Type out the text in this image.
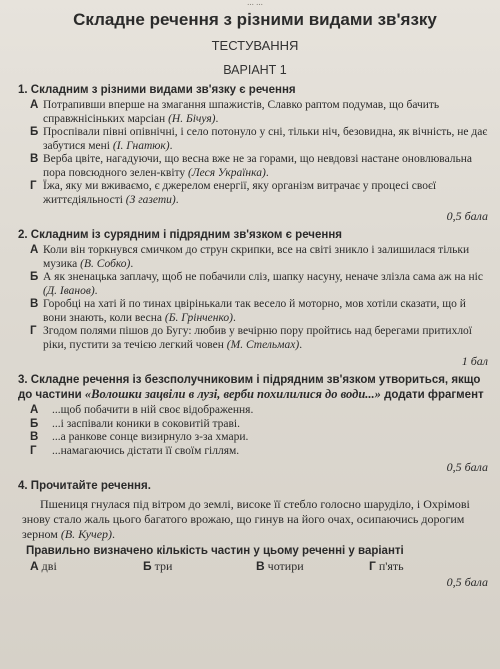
... ...
Складне речення з різними видами зв'язку
ТЕСТУВАННЯ
ВАРІАНТ 1
1. Складним з різними видами зв'язку є речення
А Потрапивши вперше на змагання шпажистів, Славко раптом подумав, що бачить справжнісіньких марсіан (Н. Бічуя).
Б Проспівали півні опівнічні, і село потонуло у сні, тільки ніч, безовидна, як вічність, не дає забутися мені (І. Гнатюк).
В Верба цвіте, нагадуючи, що весна вже не за горами, що невдовзі настане оновлювальна пора повсюдного зелен-квіту (Леся Українка).
Г Їжа, яку ми вживаємо, є джерелом енергії, яку організм витрачає у процесі своєї життєдіяльності (З газети).
0,5 бала
2. Складним із сурядним і підрядним зв'язком є речення
А Коли він торкнувся смичком до струн скрипки, все на світі зникло і залишилася тільки музика (В. Собко).
Б А як зненацька заплачу, щоб не побачили сліз, шапку насуну, неначе злізла сама аж на ніс (Д. Іванов).
В Горобці на хаті й по тинах цвірінькали так весело й моторно, мов хотіли сказати, що й вони знають, коли весна (Б. Грінченко).
Г Згодом полями пішов до Бугу: любив у вечірню пору пройтись над берегами притихлої ріки, пустити за течією легкий човен (М. Стельмах).
1 бал
3. Складне речення із безсполучниковим і підрядним зв'язком утвориться, якщо до частини «Волошки зацвіли в лузі, верби похилилися до води...» додати фрагмент
А	...щоб побачити в ній своє відображення.
Б	...і заспівали коники в соковитій траві.
В	...а ранкове сонце визирнуло з-за хмари.
Г	...намагаючись дістати її своїм гіллям.
0,5 бала
4. Прочитайте речення.
Пшениця гнулася під вітром до землі, високе її стебло голосно шаруділо, і Охрімові знову стало жаль цього багатого врожаю, що гинув на його очах, осипаючись дорогим зерном (В. Кучер).
Правильно визначено кількість частин у цьому реченні у варіанті
А дві	Б три	В чотири	Г п'ять
0,5 бала
